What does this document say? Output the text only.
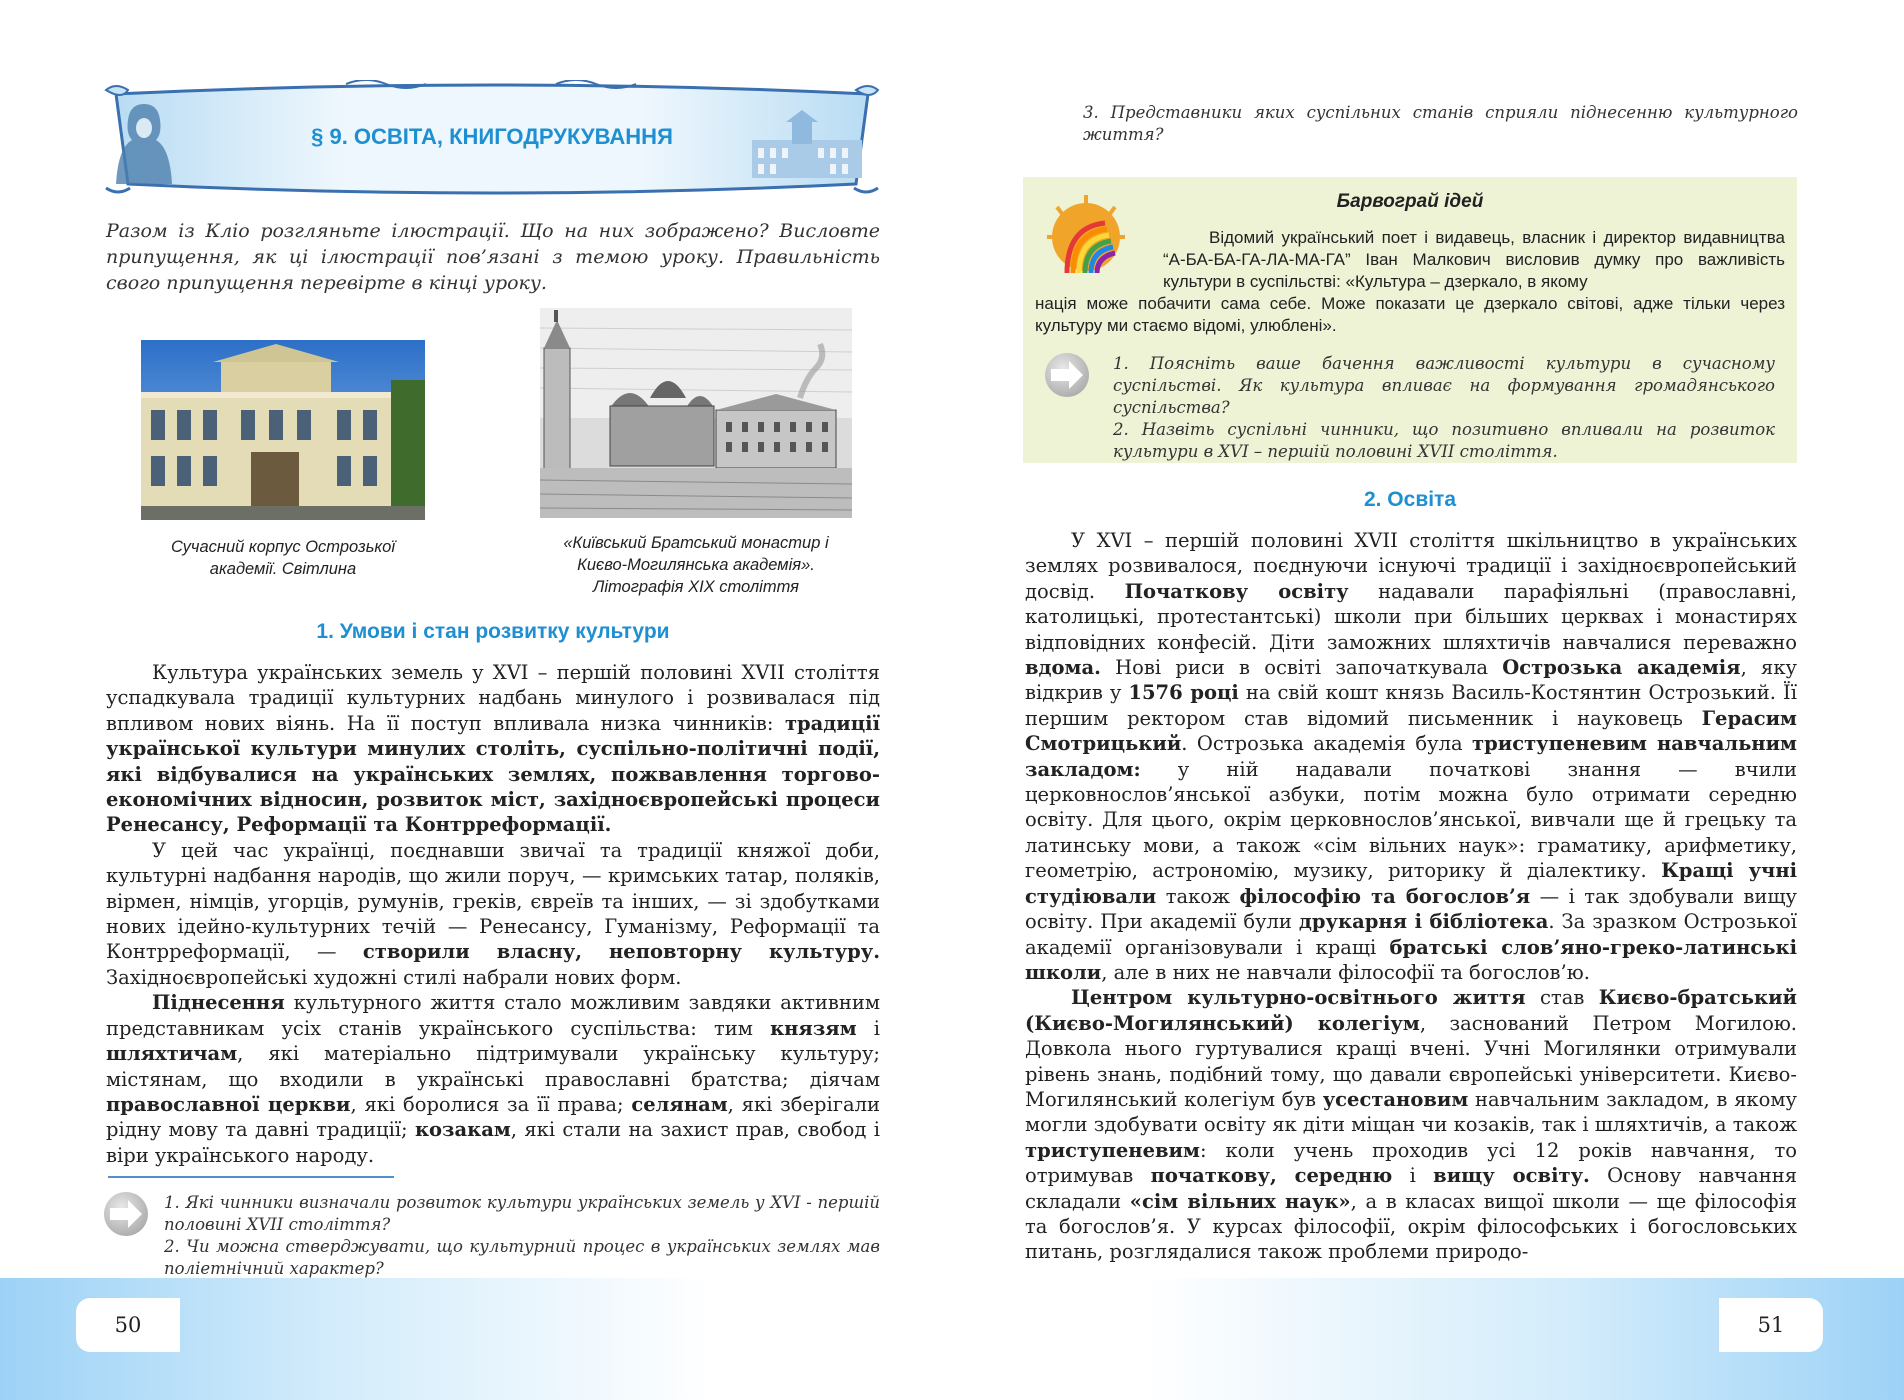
§ 9. ОСВІТА, КНИГОДРУКУВАННЯ
Разом із Кліо розгляньте ілюстрації. Що на них зображено? Висловте припущення, як ці ілюстрації пов’язані з темою уроку. Правильність свого припущення перевірте в кінці уроку.
Сучасний корпус Острозької
академії. Світлина
«Київський Братський монастир і
Києво-Могилянська академія».
Літографія XIX століття
1. Умови і стан розвитку культури

Культура українських земель у XVI – першій половині XVII століття успадкувала традиції культурних надбань минулого і розвивалася під впливом нових віянь. На її поступ впливала низка чинників: традиції української культури минулих століть, суспільно-політичні події, які відбувалися на українських землях, пожвавлення торгово-економічних відносин, розвиток міст, західноєвропейські процеси Ренесансу, Реформації та Контрреформації.

У цей час українці, поєднавши звичаї та традиції княжої доби, культурні надбання народів, що жили поруч, — кримських татар, поляків, вірмен, німців, угорців, румунів, греків, євреїв та інших, — зі здобутками нових ідейно-культурних течій — Ренесансу, Гуманізму, Реформації та Контрреформації, — створили власну, неповторну культуру. Західноєвропейські художні стилі набрали нових форм.

Піднесення культурного життя стало можливим завдяки активним представникам усіх станів українського суспільства: тим князям і шляхтичам, які матеріально підтримували українську культуру; містянам, що входили в українські православні братства; діячам православної церкви, які боролися за її права; селянам, які зберігали рідну мову та давні традиції; козакам, які стали на захист прав, свобод і віри українського народу.

1. Які чинники визначали розвиток культури українських земель у XVI - першій половині XVII століття?
2. Чи можна стверджувати, що культурний процес в українських землях мав поліетнічний характер?
50
3. Представники яких суспільних станів сприяли піднесенню культурного життя?
Барвограй ідей
Відомий український поет і видавець, власник і директор видавництва “А-БА-БА-ГА-ЛА-МА-ГА” Іван Малкович висловив думку про важливість культури в суспільстві: «Культура – дзеркало, в якому
нація може побачити сама себе. Може показати це дзеркало світові, адже тільки через культуру ми стаємо відомі, улюблені».
1. Поясніть ваше бачення важливості культури в сучасному суспільстві. Як культура впливає на формування громадянського суспільства?
2. Назвіть суспільні чинники, що позитивно впливали на розвиток культури в XVI – першій половині XVII століття.
2. Освіта

У XVI – першій половині XVII століття шкільництво в українських землях розвивалося, поєднуючи існуючі традиції і західноєвропейський досвід. Початкову освіту надавали парафіяльні (православні, католицькі, протестантські) школи при більших церквах і монастирях відповідних конфесій. Діти заможних шляхтичів навчалися переважно вдома. Нові риси в освіті започаткувала Острозька академія, яку відкрив у 1576 році на свій кошт князь Василь-Костянтин Острозький. Її першим ректором став відомий письменник і науковець Герасим Смотрицький. Острозька академія була триступеневим навчальним закладом: у ній надавали початкові знання — вчили церковнослов’янської азбуки, потім можна було отримати середню освіту. Для цього, окрім церковнослов’янської, вивчали ще й грецьку та латинську мови, а також «сім вільних наук»: граматику, арифметику, геометрію, астрономію, музику, риторику й діалектику. Кращі учні студіювали також філософію та богослов’я — і так здобували вищу освіту. При академії були друкарня і бібліотека. За зразком Острозької академії організовували і кращі братські слов’яно-греко-латинські школи, але в них не навчали філософії та богослов’ю.

Центром культурно-освітнього життя став Києво-братський (Києво-Могилянський) колегіум, заснований Петром Могилою. Довкола нього гуртувалися кращі вчені. Учні Могилянки отримували рівень знань, подібний тому, що давали європейські університети. Києво-Могилянський колегіум був усестановим навчальним закладом, в якому могли здобувати освіту як діти міщан чи козаків, так і шляхтичів, а також триступеневим: коли учень проходив усі 12 років навчання, то отримував початкову, середню і вищу освіту. Основу навчання складали «сім вільних наук», а в класах вищої школи — ще філософія та богослов’я. У курсах філософії, окрім філософських і богословських питань, розглядалися також проблеми природо-

51
